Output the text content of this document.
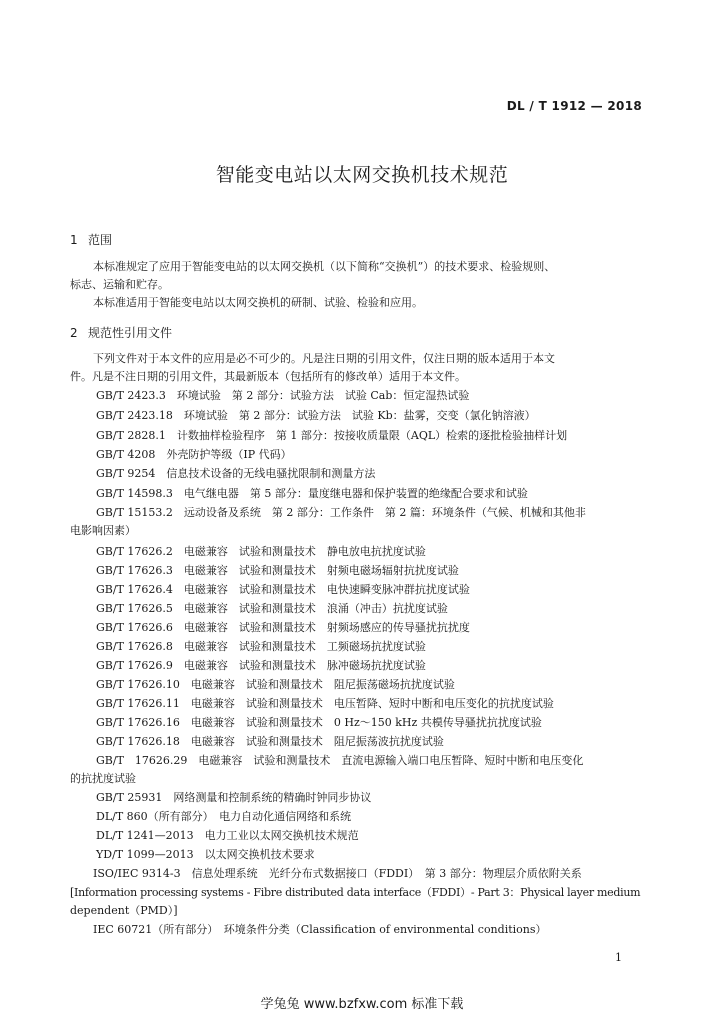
DL / T 1912 — 2018
智能变电站以太网交换机技术规范
1 范围
本标准规定了应用于智能变电站的以太网交换机（以下简称“交换机”）的技术要求、检验规则、
标志、运输和贮存。
本标准适用于智能变电站以太网交换机的研制、试验、检验和应用。
2 规范性引用文件
下列文件对于本文件的应用是必不可少的。凡是注日期的引用文件，仅注日期的版本适用于本文
件。凡是不注日期的引用文件，其最新版本（包括所有的修改单）适用于本文件。
GB/T 2423.3　环境试验　第 2 部分：试验方法　试验 Cab：恒定湿热试验
GB/T 2423.18　环境试验　第 2 部分：试验方法　试验 Kb：盐雾，交变（氯化钠溶液）
GB/T 2828.1　计数抽样检验程序　第 1 部分：按接收质量限（AQL）检索的逐批检验抽样计划
GB/T 4208　外壳防护等级（IP 代码）
GB/T 9254　信息技术设备的无线电骚扰限制和测量方法
GB/T 14598.3　电气继电器　第 5 部分：量度继电器和保护装置的绝缘配合要求和试验
GB/T 15153.2　远动设备及系统　第 2 部分：工作条件　第 2 篇：环境条件（气候、机械和其他非
电影响因素）
GB/T 17626.2　电磁兼容　试验和测量技术　静电放电抗扰度试验
GB/T 17626.3　电磁兼容　试验和测量技术　射频电磁场辐射抗扰度试验
GB/T 17626.4　电磁兼容　试验和测量技术　电快速瞬变脉冲群抗扰度试验
GB/T 17626.5　电磁兼容　试验和测量技术　浪涌（冲击）抗扰度试验
GB/T 17626.6　电磁兼容　试验和测量技术　射频场感应的传导骚扰抗扰度
GB/T 17626.8　电磁兼容　试验和测量技术　工频磁场抗扰度试验
GB/T 17626.9　电磁兼容　试验和测量技术　脉冲磁场抗扰度试验
GB/T 17626.10　电磁兼容　试验和测量技术　阻尼振荡磁场抗扰度试验
GB/T 17626.11　电磁兼容　试验和测量技术　电压暂降、短时中断和电压变化的抗扰度试验
GB/T 17626.16　电磁兼容　试验和测量技术　0 Hz～150 kHz 共模传导骚扰抗扰度试验
GB/T 17626.18　电磁兼容　试验和测量技术　阻尼振荡波抗扰度试验
GB/T　17626.29　电磁兼容　试验和测量技术　直流电源输入端口电压暂降、短时中断和电压变化
的抗扰度试验
GB/T 25931　网络测量和控制系统的精确时钟同步协议
DL/T 860（所有部分）　电力自动化通信网络和系统
DL/T 1241—2013　电力工业以太网交换机技术规范
YD/T 1099—2013　以太网交换机技术要求
ISO/IEC 9314-3　信息处理系统　光纤分布式数据接口（FDDI）　第 3 部分：物理层介质依附关系
[Information processing systems - Fibre distributed data interface（FDDI）- Part 3：Physical layer medium
dependent（PMD）]
IEC 60721（所有部分）　环境条件分类（Classification of environmental conditions）
1
学兔兔 www.bzfxw.com 标准下载
